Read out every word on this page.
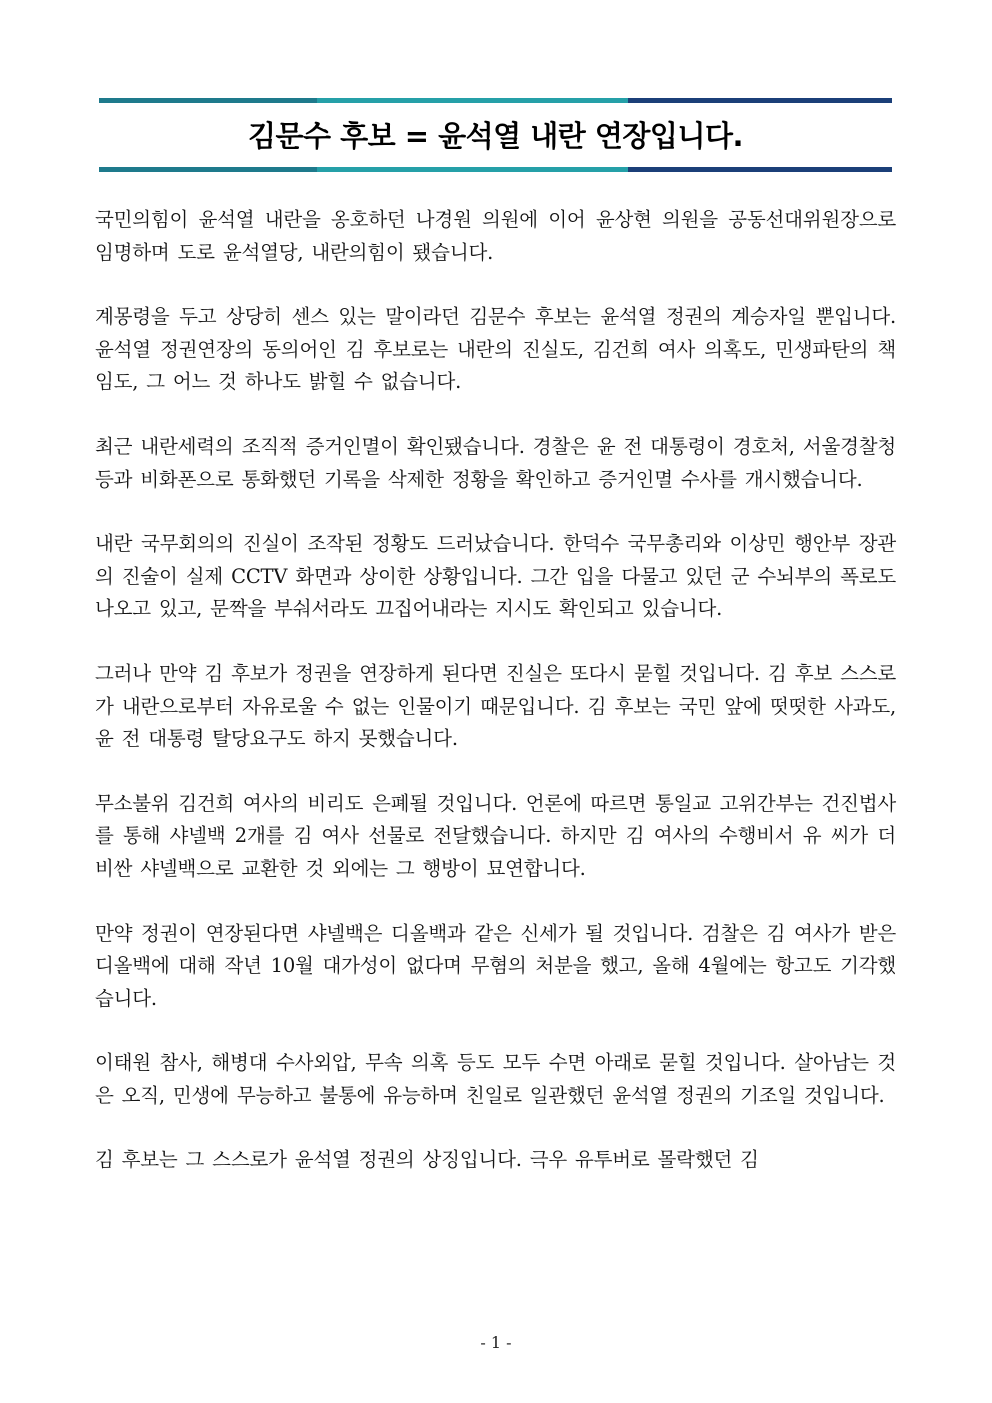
김문수 후보 = 윤석열 내란 연장입니다.

국민의힘이 윤석열 내란을 옹호하던 나경원 의원에 이어 윤상현 의원을 공동선대위원장으로 임명하며 도로 윤석열당, 내란의힘이 됐습니다.

계몽령을 두고 상당히 센스 있는 말이라던 김문수 후보는 윤석열 정권의 계승자일 뿐입니다. 윤석열 정권연장의 동의어인 김 후보로는 내란의 진실도, 김건희 여사 의혹도, 민생파탄의 책임도, 그 어느 것 하나도 밝힐 수 없습니다.

최근 내란세력의 조직적 증거인멸이 확인됐습니다. 경찰은 윤 전 대통령이 경호처, 서울경찰청 등과 비화폰으로 통화했던 기록을 삭제한 정황을 확인하고 증거인멸 수사를 개시했습니다.

내란 국무회의의 진실이 조작된 정황도 드러났습니다. 한덕수 국무총리와 이상민 행안부 장관의 진술이 실제 CCTV 화면과 상이한 상황입니다. 그간 입을 다물고 있던 군 수뇌부의 폭로도 나오고 있고, 문짝을 부숴서라도 끄집어내라는 지시도 확인되고 있습니다.

그러나 만약 김 후보가 정권을 연장하게 된다면 진실은 또다시 묻힐 것입니다. 김 후보 스스로가 내란으로부터 자유로울 수 없는 인물이기 때문입니다. 김 후보는 국민 앞에 떳떳한 사과도, 윤 전 대통령 탈당요구도 하지 못했습니다.

무소불위 김건희 여사의 비리도 은폐될 것입니다. 언론에 따르면 통일교 고위간부는 건진법사를 통해 샤넬백 2개를 김 여사 선물로 전달했습니다. 하지만 김 여사의 수행비서 유 씨가 더 비싼 샤넬백으로 교환한 것 외에는 그 행방이 묘연합니다.

만약 정권이 연장된다면 샤넬백은 디올백과 같은 신세가 될 것입니다. 검찰은 김 여사가 받은 디올백에 대해 작년 10월 대가성이 없다며 무혐의 처분을 했고, 올해 4월에는 항고도 기각했습니다.

이태원 참사, 해병대 수사외압, 무속 의혹 등도 모두 수면 아래로 묻힐 것입니다. 살아남는 것은 오직, 민생에 무능하고 불통에 유능하며 친일로 일관했던 윤석열 정권의 기조일 것입니다.

김 후보는 그 스스로가 윤석열 정권의 상징입니다. 극우 유투버로 몰락했던 김

- 1 -
